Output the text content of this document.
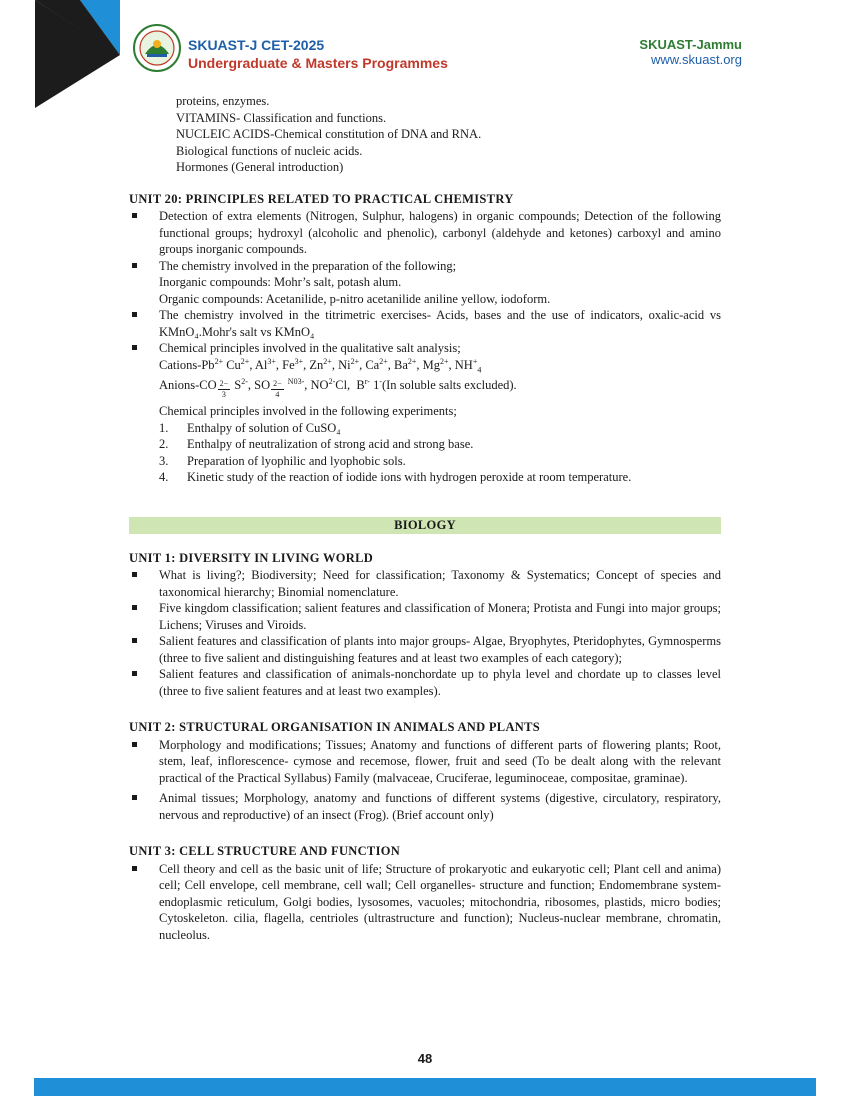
SKUAST-J CET-2025
Undergraduate & Masters Programmes
SKUAST-Jammu
www.skuast.org
proteins, enzymes.
VITAMINS- Classification and functions.
NUCLEIC ACIDS-Chemical constitution of DNA and RNA.
Biological functions of nucleic acids.
Hormones (General introduction)
UNIT 20: PRINCIPLES RELATED TO PRACTICAL CHEMISTRY
Detection of extra elements (Nitrogen, Sulphur, halogens) in organic compounds; Detection of the following functional groups; hydroxyl (alcoholic and phenolic), carbonyl (aldehyde and ketones) carboxyl and amino groups inorganic compounds.
The chemistry involved in the preparation of the following;
Inorganic compounds: Mohr’s salt, potash alum.
Organic compounds: Acetanilide, p-nitro acetanilide aniline yellow, iodoform.
The chemistry involved in the titrimetric exercises- Acids, bases and the use of indicators, oxalic-acid vs KMnO₄.Mohr's salt vs KMnO₄
Chemical principles involved in the qualitative salt analysis;
Cations-$Pb^{2+}$ $Cu^{2+}$, $Al^{3+}$, $Fe^{3+}$, $Zn^{2+}$, $Ni^{2+}$, $Ca^{2+}$, $Ba^{2+}$, $Mg^{2+}$, $NH^+_4$
Anions-CO $\frac{2-}{3} S^{2-}$, SO $\frac{2-}{4} ^{N03-}$, $NO^{2-}Cl$,  $B^{r-}$ 1-(In soluble salts excluded).
Chemical principles involved in the following experiments;
1. Enthalpy of solution of CuSO₄
2. Enthalpy of neutralization of strong acid and strong base.
3. Preparation of lyophilic and lyophobic sols.
4. Kinetic study of the reaction of iodide ions with hydrogen peroxide at room temperature.
BIOLOGY
UNIT 1: DIVERSITY IN LIVING WORLD
What is living?; Biodiversity; Need for classification; Taxonomy & Systematics; Concept of species and taxonomical hierarchy; Binomial nomenclature.
Five kingdom classification; salient features and classification of Monera; Protista and Fungi into major groups; Lichens; Viruses and Viroids.
Salient features and classification of plants into major groups- Algae, Bryophytes, Pteridophytes, Gymnosperms (three to five salient and distinguishing features and at least two examples of each category);
Salient features and classification of animals-nonchordate up to phyla level and chordate up to classes level (three to five salient features and at least two examples).
UNIT 2: STRUCTURAL ORGANISATION IN ANIMALS AND PLANTS
Morphology and modifications; Tissues; Anatomy and functions of different parts of flowering plants; Root, stem, leaf, inflorescence- cymose and recemose, flower, fruit and seed (To be dealt along with the relevant practical of the Practical Syllabus) Family (malvaceae, Cruciferae, leguminoceae, compositae, graminae).
Animal tissues; Morphology, anatomy and functions of different systems (digestive, circulatory, respiratory, nervous and reproductive) of an insect (Frog). (Brief account only)
UNIT 3: CELL STRUCTURE AND FUNCTION
Cell theory and cell as the basic unit of life; Structure of prokaryotic and eukaryotic cell; Plant cell and anima) cell; Cell envelope, cell membrane, cell wall; Cell organelles- structure and function; Endomembrane system-endoplasmic reticulum, Golgi bodies, lysosomes, vacuoles; mitochondria, ribosomes, plastids, micro bodies; Cytoskeleton. cilia, flagella, centrioles (ultrastructure and function); Nucleus-nuclear membrane, chromatin, nucleolus.
48
